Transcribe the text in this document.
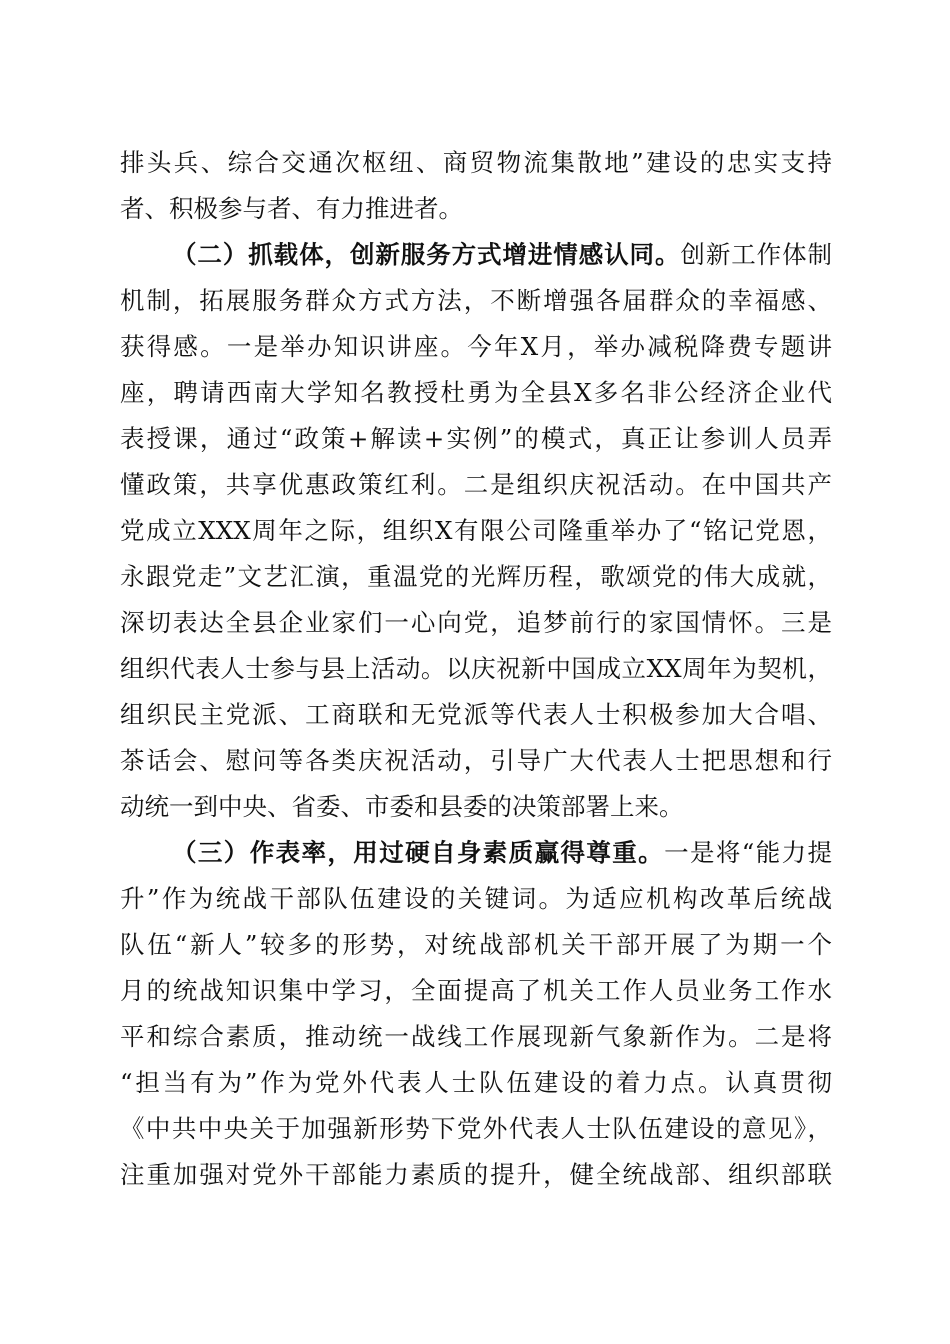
排头兵、综合交通次枢纽、商贸物流集散地”建设的忠实支持
者、积极参与者、有力推进者。
（二）抓载体，创新服务方式增进情感认同。创新工作体制
机制，拓展服务群众方式方法，不断增强各届群众的幸福感、
获得感。一是举办知识讲座。今年X月，举办减税降费专题讲
座，聘请西南大学知名教授杜勇为全县X多名非公经济企业代
表授课，通过“政策+解读+实例”的模式，真正让参训人员弄
懂政策，共享优惠政策红利。二是组织庆祝活动。在中国共产
党成立XXX周年之际，组织X有限公司隆重举办了“铭记党恩，
永跟党走”文艺汇演，重温党的光辉历程，歌颂党的伟大成就，
深切表达全县企业家们一心向党，追梦前行的家国情怀。三是
组织代表人士参与县上活动。以庆祝新中国成立XX周年为契机，
组织民主党派、工商联和无党派等代表人士积极参加大合唱、
茶话会、慰问等各类庆祝活动，引导广大代表人士把思想和行
动统一到中央、省委、市委和县委的决策部署上来。
（三）作表率，用过硬自身素质赢得尊重。一是将“能力提
升”作为统战干部队伍建设的关键词。为适应机构改革后统战
队伍“新人”较多的形势，对统战部机关干部开展了为期一个
月的统战知识集中学习，全面提高了机关工作人员业务工作水
平和综合素质，推动统一战线工作展现新气象新作为。二是将
“担当有为”作为党外代表人士队伍建设的着力点。认真贯彻
《中共中央关于加强新形势下党外代表人士队伍建设的意见》，
注重加强对党外干部能力素质的提升，健全统战部、组织部联
